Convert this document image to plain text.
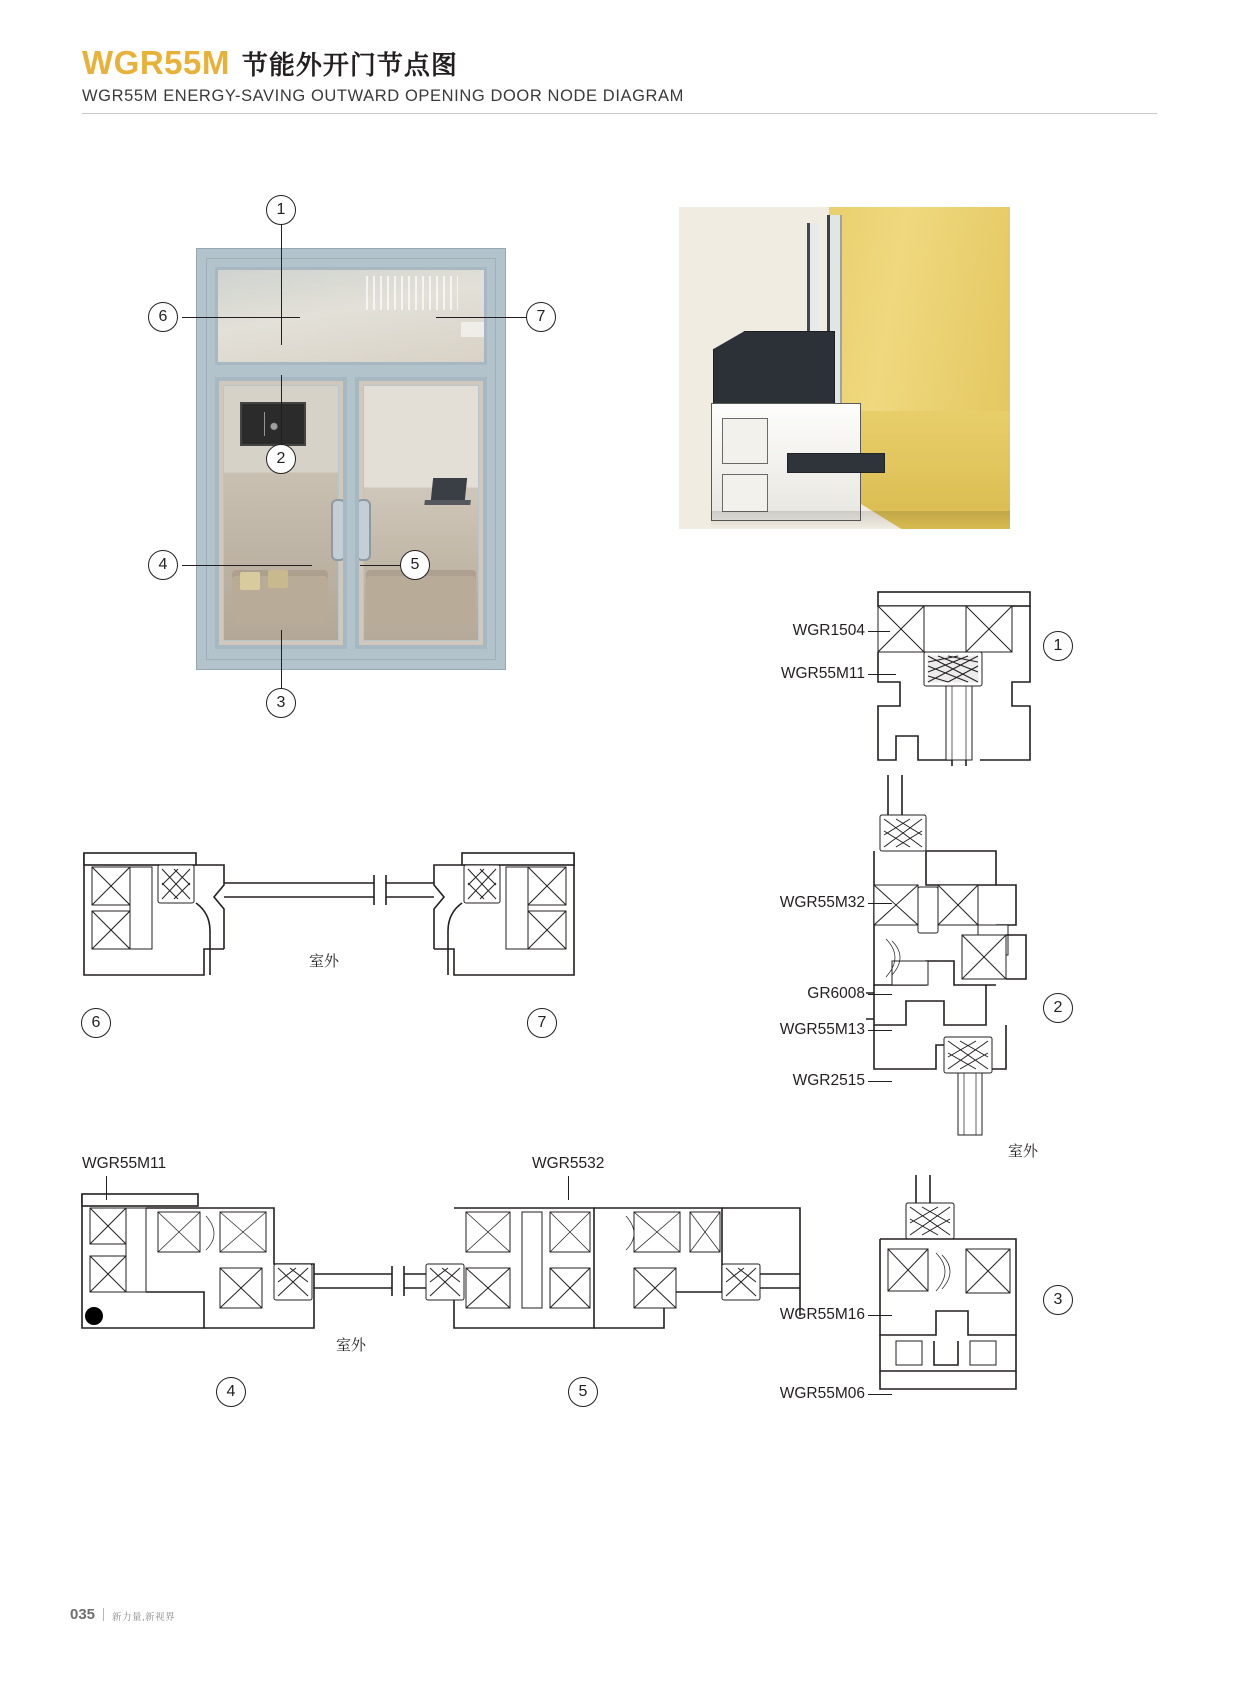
WGR55M 节能外开门节点图
WGR55M ENERGY-SAVING OUTWARD OPENING DOOR NODE DIAGRAM
1
6	7
2
4	5
3
WGR1504
WGR55M11
1
WGR55M32
GR6008
WGR55M13
WGR2515
2
室外
WGR55M16
WGR55M06
3
室外
6	7
WGR55M11	WGR5532
室外
4	5
035 新力量,新视界
